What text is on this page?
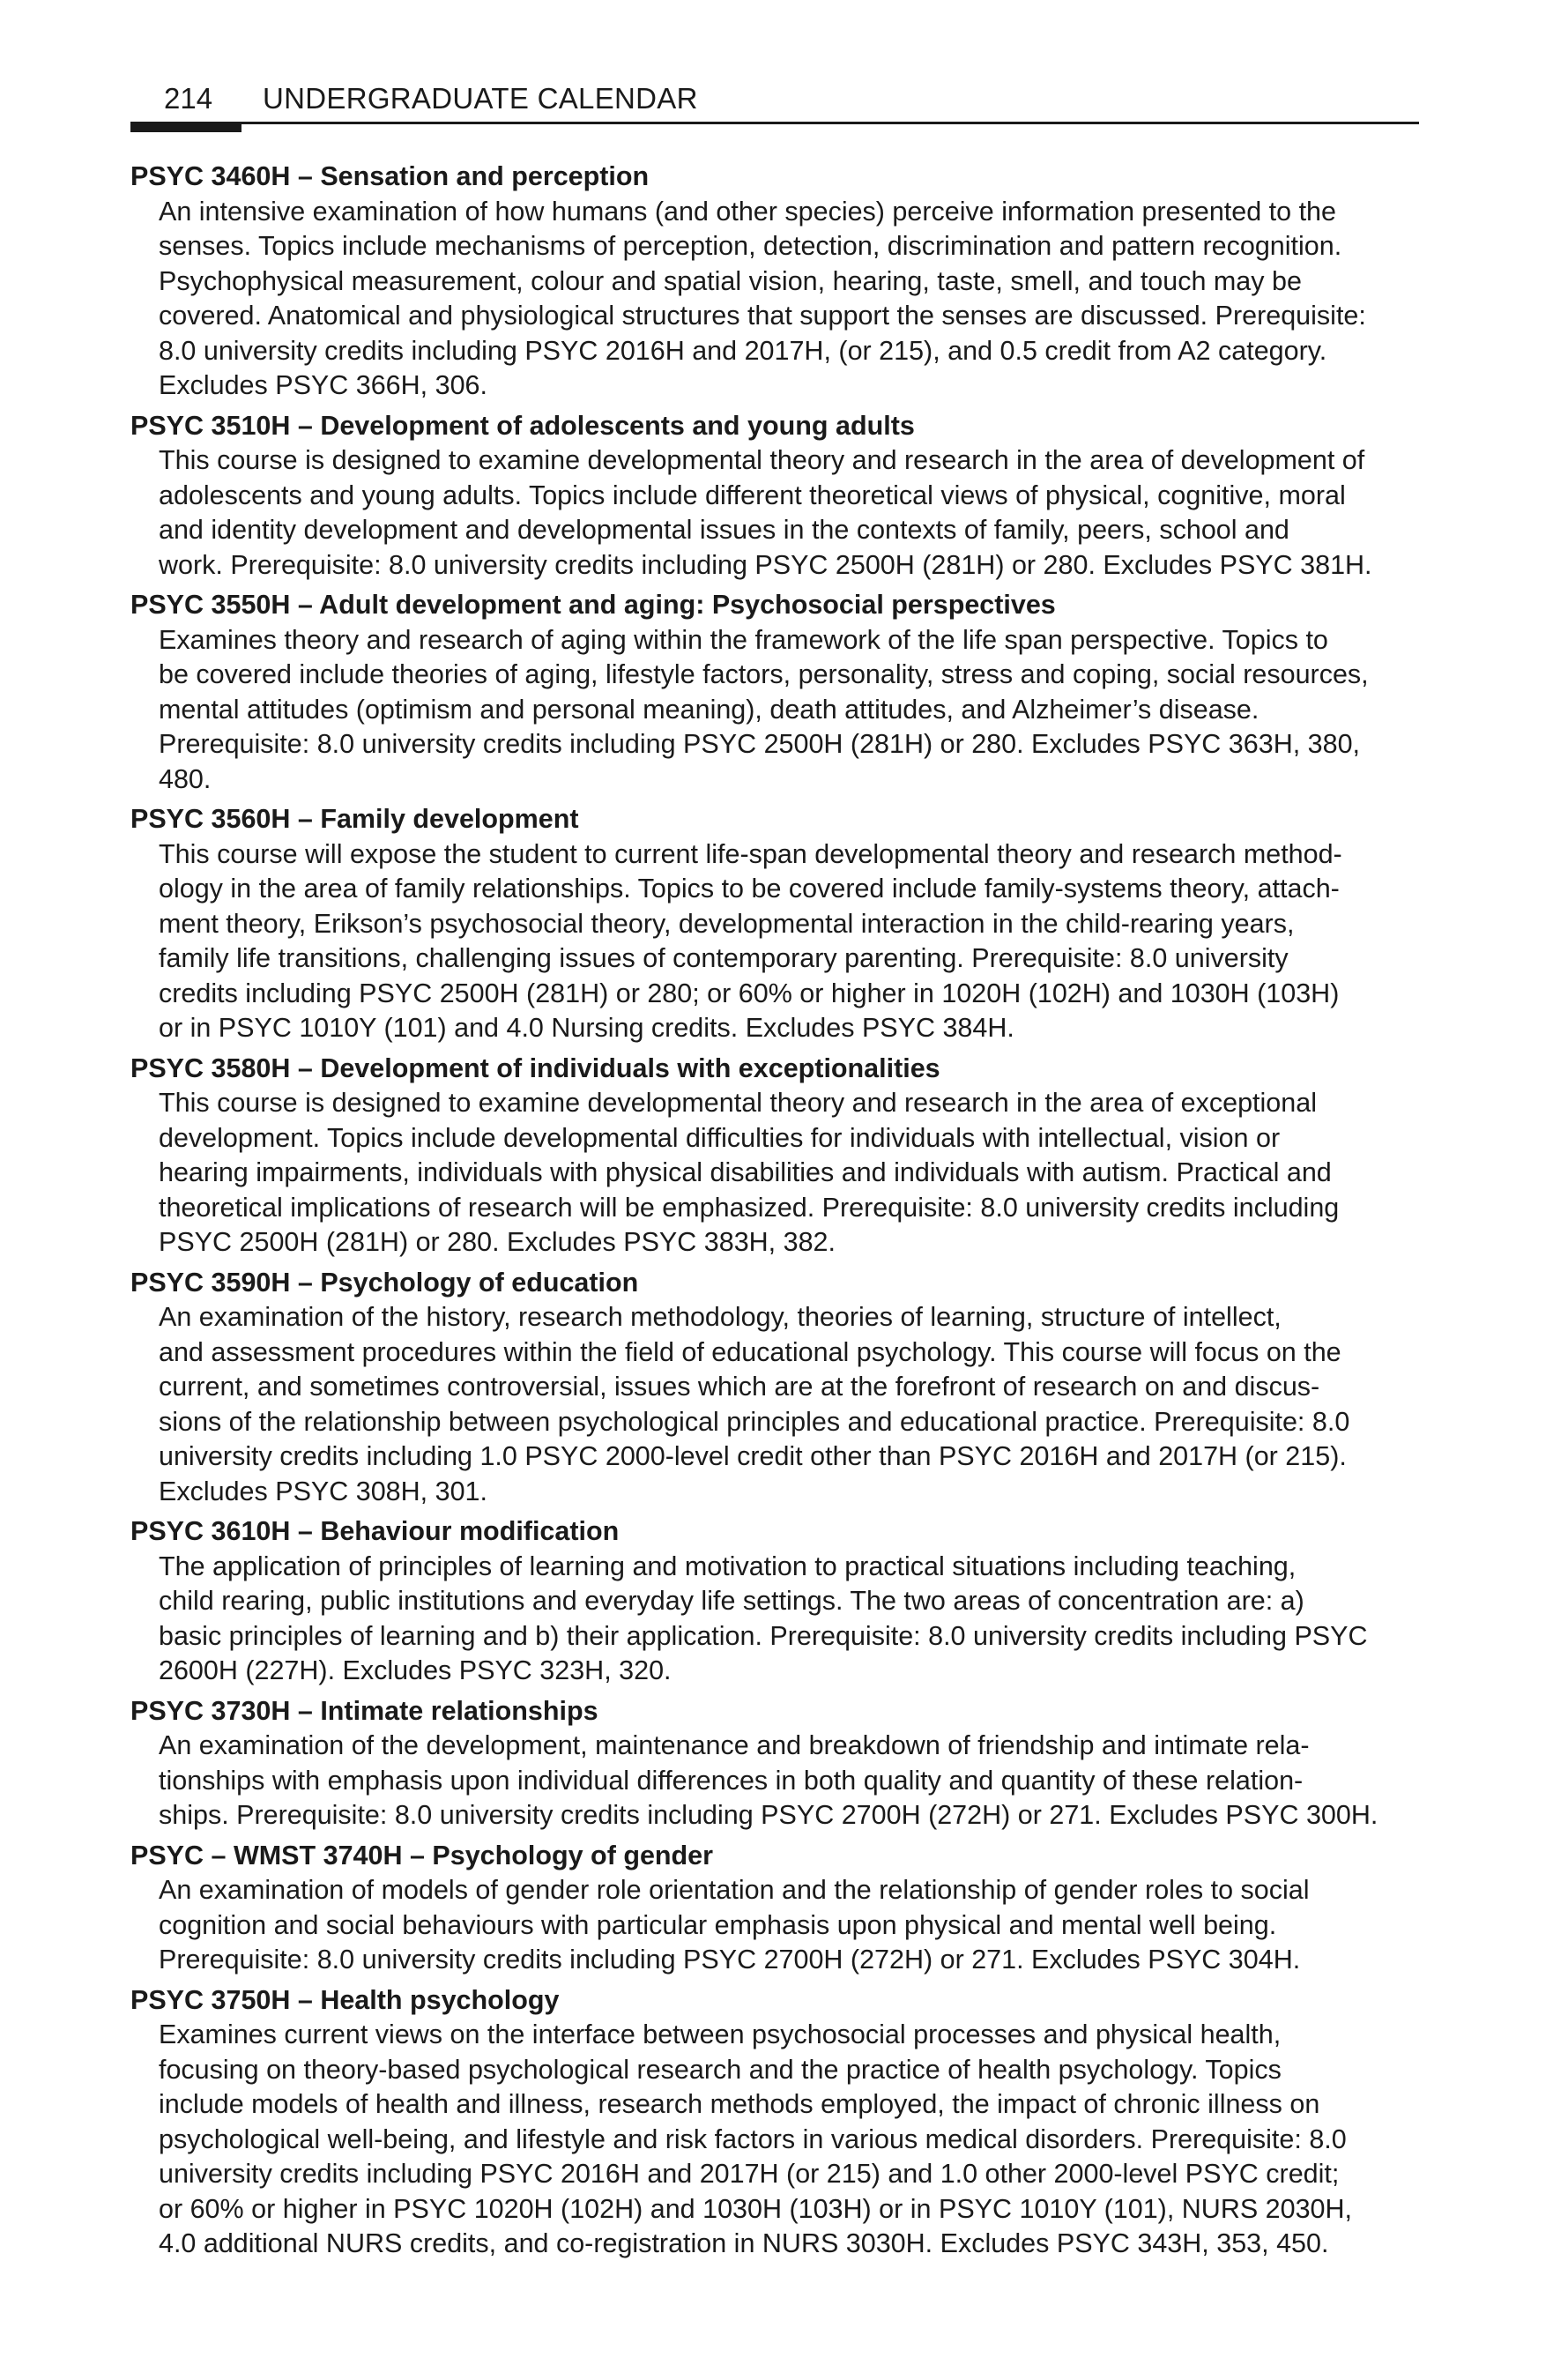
214 UNDERGRADUATE CALENDAR
PSYC 3460H – Sensation and perception
An intensive examination of how humans (and other species) perceive information presented to the
senses. Topics include mechanisms of perception, detection, discrimination and pattern recognition.
Psychophysical measurement, colour and spatial vision, hearing, taste, smell, and touch may be
covered. Anatomical and physiological structures that support the senses are discussed. Prerequisite:
8.0 university credits including PSYC 2016H and 2017H, (or 215), and 0.5 credit from A2 category.
Excludes PSYC 366H, 306.
PSYC 3510H – Development of adolescents and young adults
This course is designed to examine developmental theory and research in the area of development of
adolescents and young adults. Topics include different theoretical views of physical, cognitive, moral
and identity development and developmental issues in the contexts of family, peers, school and
work. Prerequisite: 8.0 university credits including PSYC 2500H (281H) or 280. Excludes PSYC 381H.
PSYC 3550H – Adult development and aging: Psychosocial perspectives
Examines theory and research of aging within the framework of the life span perspective. Topics to
be covered include theories of aging, lifestyle factors, personality, stress and coping, social resources,
mental attitudes (optimism and personal meaning), death attitudes, and Alzheimer’s disease.
Prerequisite: 8.0 university credits including PSYC 2500H (281H) or 280. Excludes PSYC 363H, 380,
480.
PSYC 3560H – Family development
This course will expose the student to current life-span developmental theory and research method-
ology in the area of family relationships. Topics to be covered include family-systems theory, attach-
ment theory, Erikson’s psychosocial theory, developmental interaction in the child-rearing years,
family life transitions, challenging issues of contemporary parenting. Prerequisite: 8.0 university
credits including PSYC 2500H (281H) or 280; or 60% or higher in 1020H (102H) and 1030H (103H)
or in PSYC 1010Y (101) and 4.0 Nursing credits. Excludes PSYC 384H.
PSYC 3580H – Development of individuals with exceptionalities
This course is designed to examine developmental theory and research in the area of exceptional
development. Topics include developmental difficulties for individuals with intellectual, vision or
hearing impairments, individuals with physical disabilities and individuals with autism. Practical and
theoretical implications of research will be emphasized. Prerequisite: 8.0 university credits including
PSYC 2500H (281H) or 280. Excludes PSYC 383H, 382.
PSYC 3590H – Psychology of education
An examination of the history, research methodology, theories of learning, structure of intellect,
and assessment procedures within the field of educational psychology. This course will focus on the
current, and sometimes controversial, issues which are at the forefront of research on and discus-
sions of the relationship between psychological principles and educational practice. Prerequisite: 8.0
university credits including 1.0 PSYC 2000-level credit other than PSYC 2016H and 2017H (or 215).
Excludes PSYC 308H, 301.
PSYC 3610H – Behaviour modification
The application of principles of learning and motivation to practical situations including teaching,
child rearing, public institutions and everyday life settings. The two areas of concentration are: a)
basic principles of learning and b) their application. Prerequisite: 8.0 university credits including PSYC
2600H (227H). Excludes PSYC 323H, 320.
PSYC 3730H – Intimate relationships
An examination of the development, maintenance and breakdown of friendship and intimate rela-
tionships with emphasis upon individual differences in both quality and quantity of these relation-
ships. Prerequisite: 8.0 university credits including PSYC 2700H (272H) or 271. Excludes PSYC 300H.
PSYC – WMST 3740H – Psychology of gender
An examination of models of gender role orientation and the relationship of gender roles to social
cognition and social behaviours with particular emphasis upon physical and mental well being.
Prerequisite: 8.0 university credits including PSYC 2700H (272H) or 271. Excludes PSYC 304H.
PSYC 3750H – Health psychology
Examines current views on the interface between psychosocial processes and physical health,
focusing on theory-based psychological research and the practice of health psychology. Topics
include models of health and illness, research methods employed, the impact of chronic illness on
psychological well-being, and lifestyle and risk factors in various medical disorders. Prerequisite: 8.0
university credits including PSYC 2016H and 2017H (or 215) and 1.0 other 2000-level PSYC credit;
or 60% or higher in PSYC 1020H (102H) and 1030H (103H) or in PSYC 1010Y (101), NURS 2030H,
4.0 additional NURS credits, and co-registration in NURS 3030H. Excludes PSYC 343H, 353, 450.
